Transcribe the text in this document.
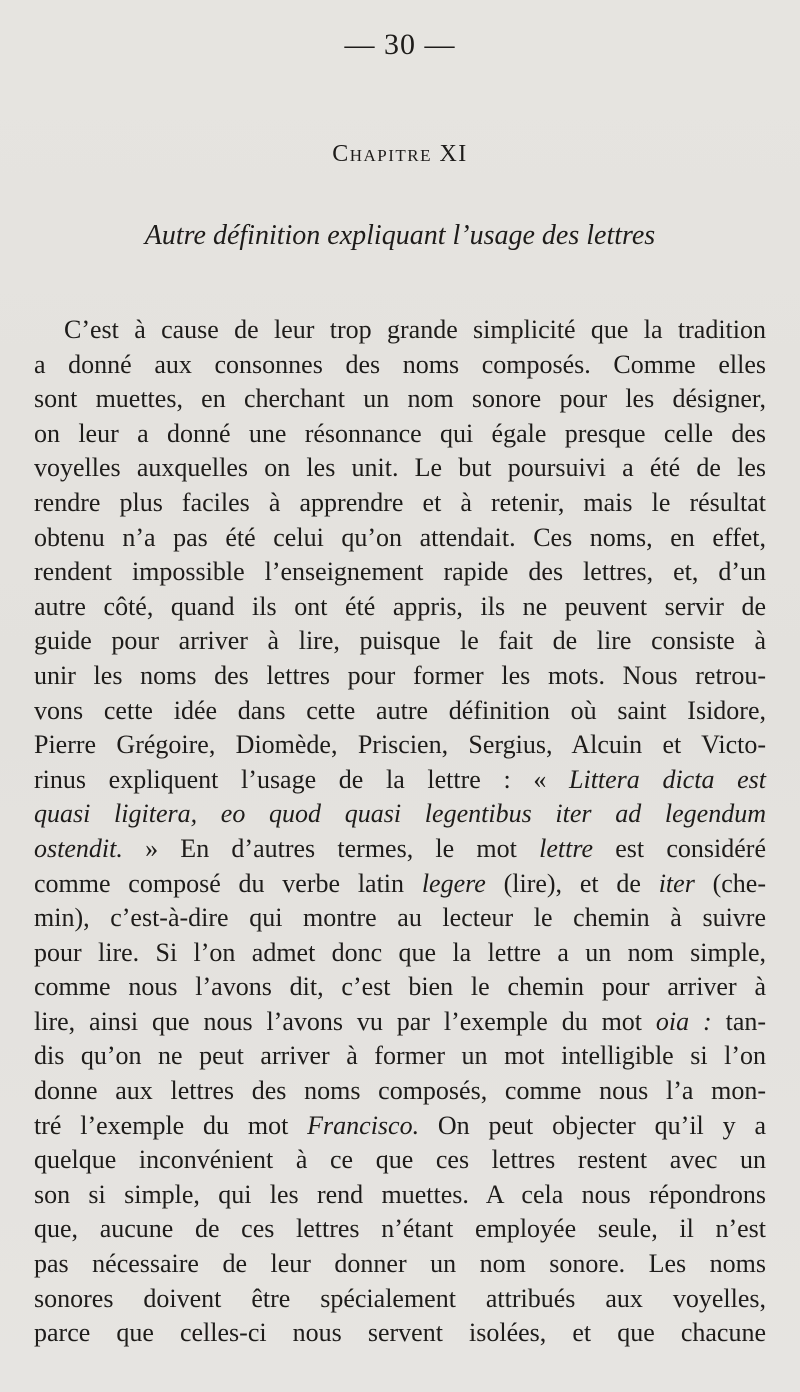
— 30 —
Chapitre XI
Autre définition expliquant l’usage des lettres
C’est à cause de leur trop grande simplicité que la tradition
a donné aux consonnes des noms composés. Comme elles
sont muettes, en cherchant un nom sonore pour les désigner,
on leur a donné une résonnance qui égale presque celle des
voyelles auxquelles on les unit. Le but poursuivi a été de les
rendre plus faciles à apprendre et à retenir, mais le résultat
obtenu n’a pas été celui qu’on attendait. Ces noms, en effet,
rendent impossible l’enseignement rapide des lettres, et, d’un
autre côté, quand ils ont été appris, ils ne peuvent servir de
guide pour arriver à lire, puisque le fait de lire consiste à
unir les noms des lettres pour former les mots. Nous retrou-
vons cette idée dans cette autre définition où saint Isidore,
Pierre Grégoire, Diomède, Priscien, Sergius, Alcuin et Victo-
rinus expliquent l’usage de la lettre : « Littera dicta est
quasi ligitera, eo quod quasi legentibus iter ad legendum
ostendit. » En d’autres termes, le mot lettre est considéré
comme composé du verbe latin legere (lire), et de iter (che-
min), c’est-à-dire qui montre au lecteur le chemin à suivre
pour lire. Si l’on admet donc que la lettre a un nom simple,
comme nous l’avons dit, c’est bien le chemin pour arriver à
lire, ainsi que nous l’avons vu par l’exemple du mot oia : tan-
dis qu’on ne peut arriver à former un mot intelligible si l’on
donne aux lettres des noms composés, comme nous l’a mon-
tré l’exemple du mot Francisco. On peut objecter qu’il y a
quelque inconvénient à ce que ces lettres restent avec un
son si simple, qui les rend muettes. A cela nous répondrons
que, aucune de ces lettres n’étant employée seule, il n’est
pas nécessaire de leur donner un nom sonore. Les noms
sonores doivent être spécialement attribués aux voyelles,
parce que celles-ci nous servent isolées, et que chacune
